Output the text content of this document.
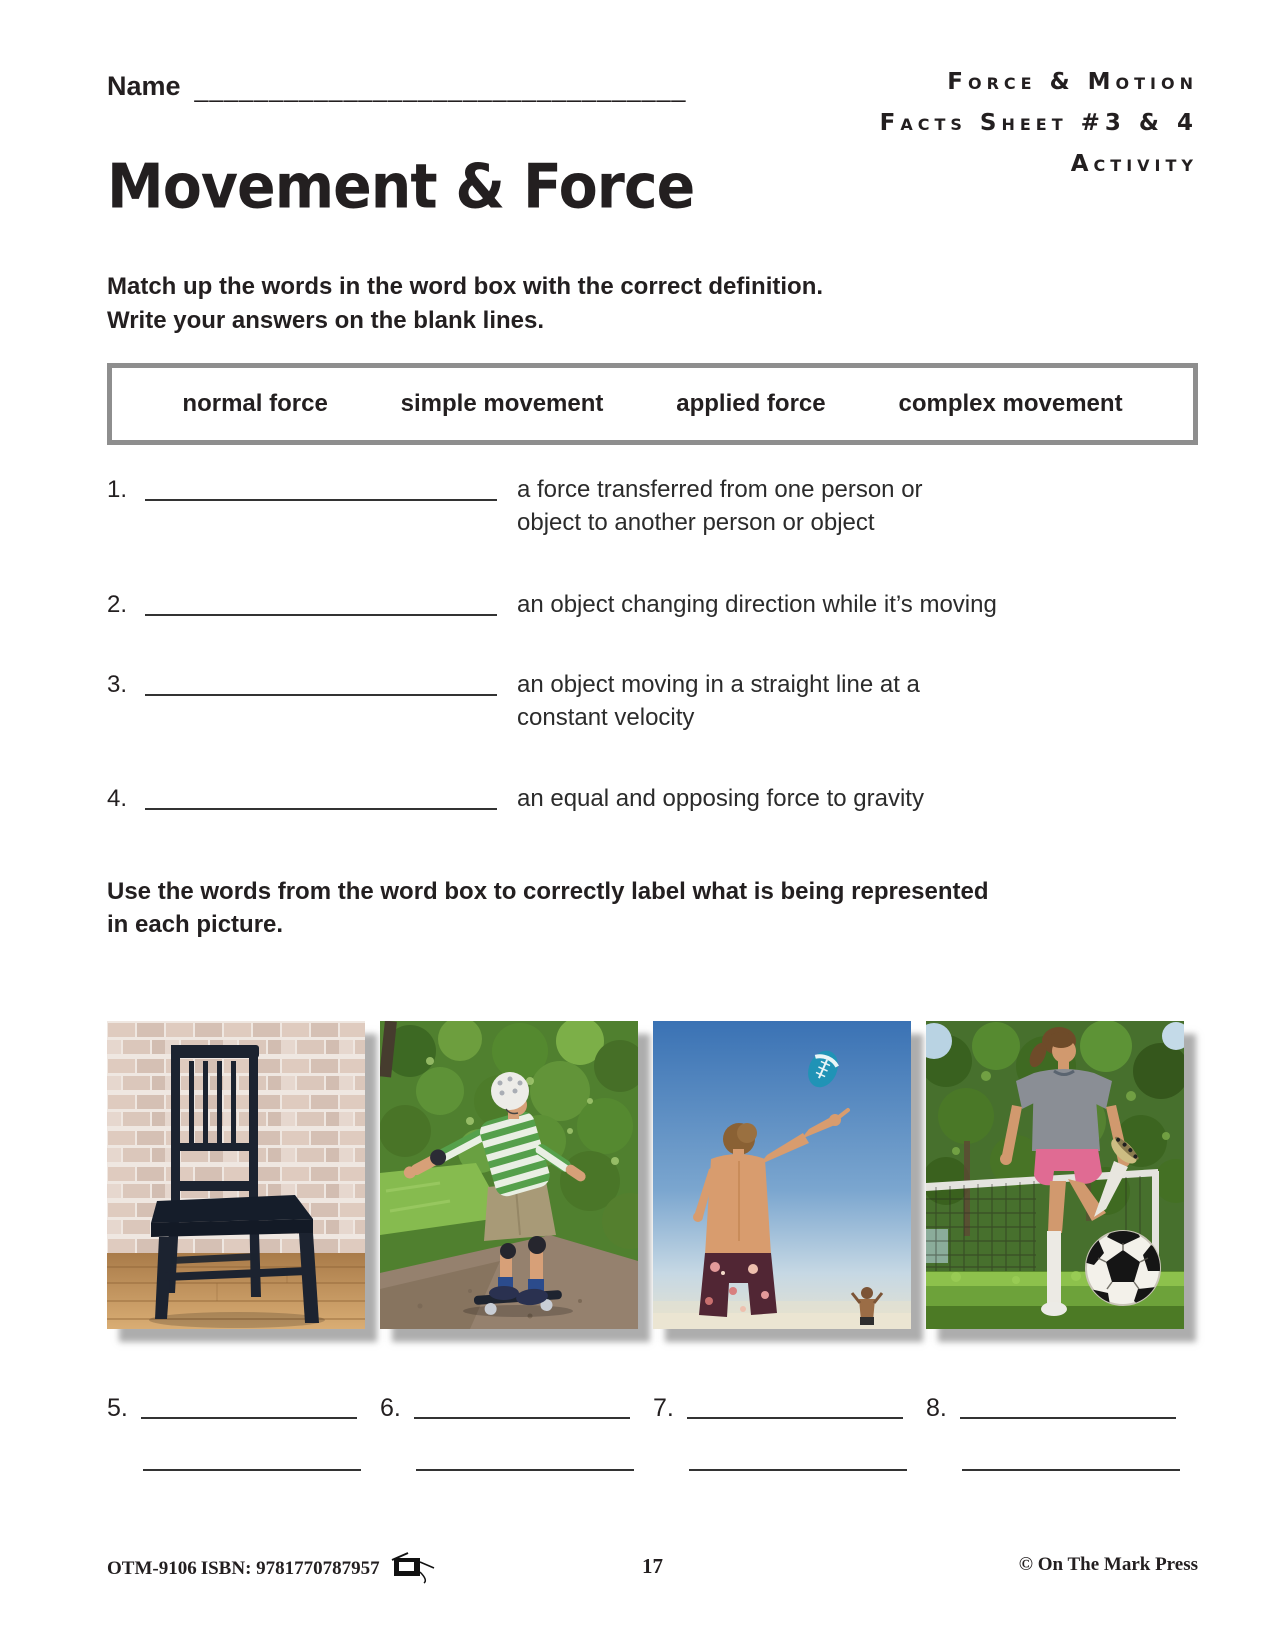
Name _________________________________	Force & Motion
Facts Sheet #3 & 4
Activity
Movement & Force
Match up the words in the word box with the correct definition.
Write your answers on the blank lines.
normal force	simple movement	applied force	complex movement
1.	a force transferred from one person or
object to another person or object
2.	an object changing direction while it’s moving
3.	an object moving in a straight line at a
constant velocity
4.	an equal and opposing force to gravity
Use the words from the word box to correctly label what is being represented
in each picture.
5.	6.	7.	8.
17
OTM-9106 ISBN: 9781770787957	© On The Mark Press
